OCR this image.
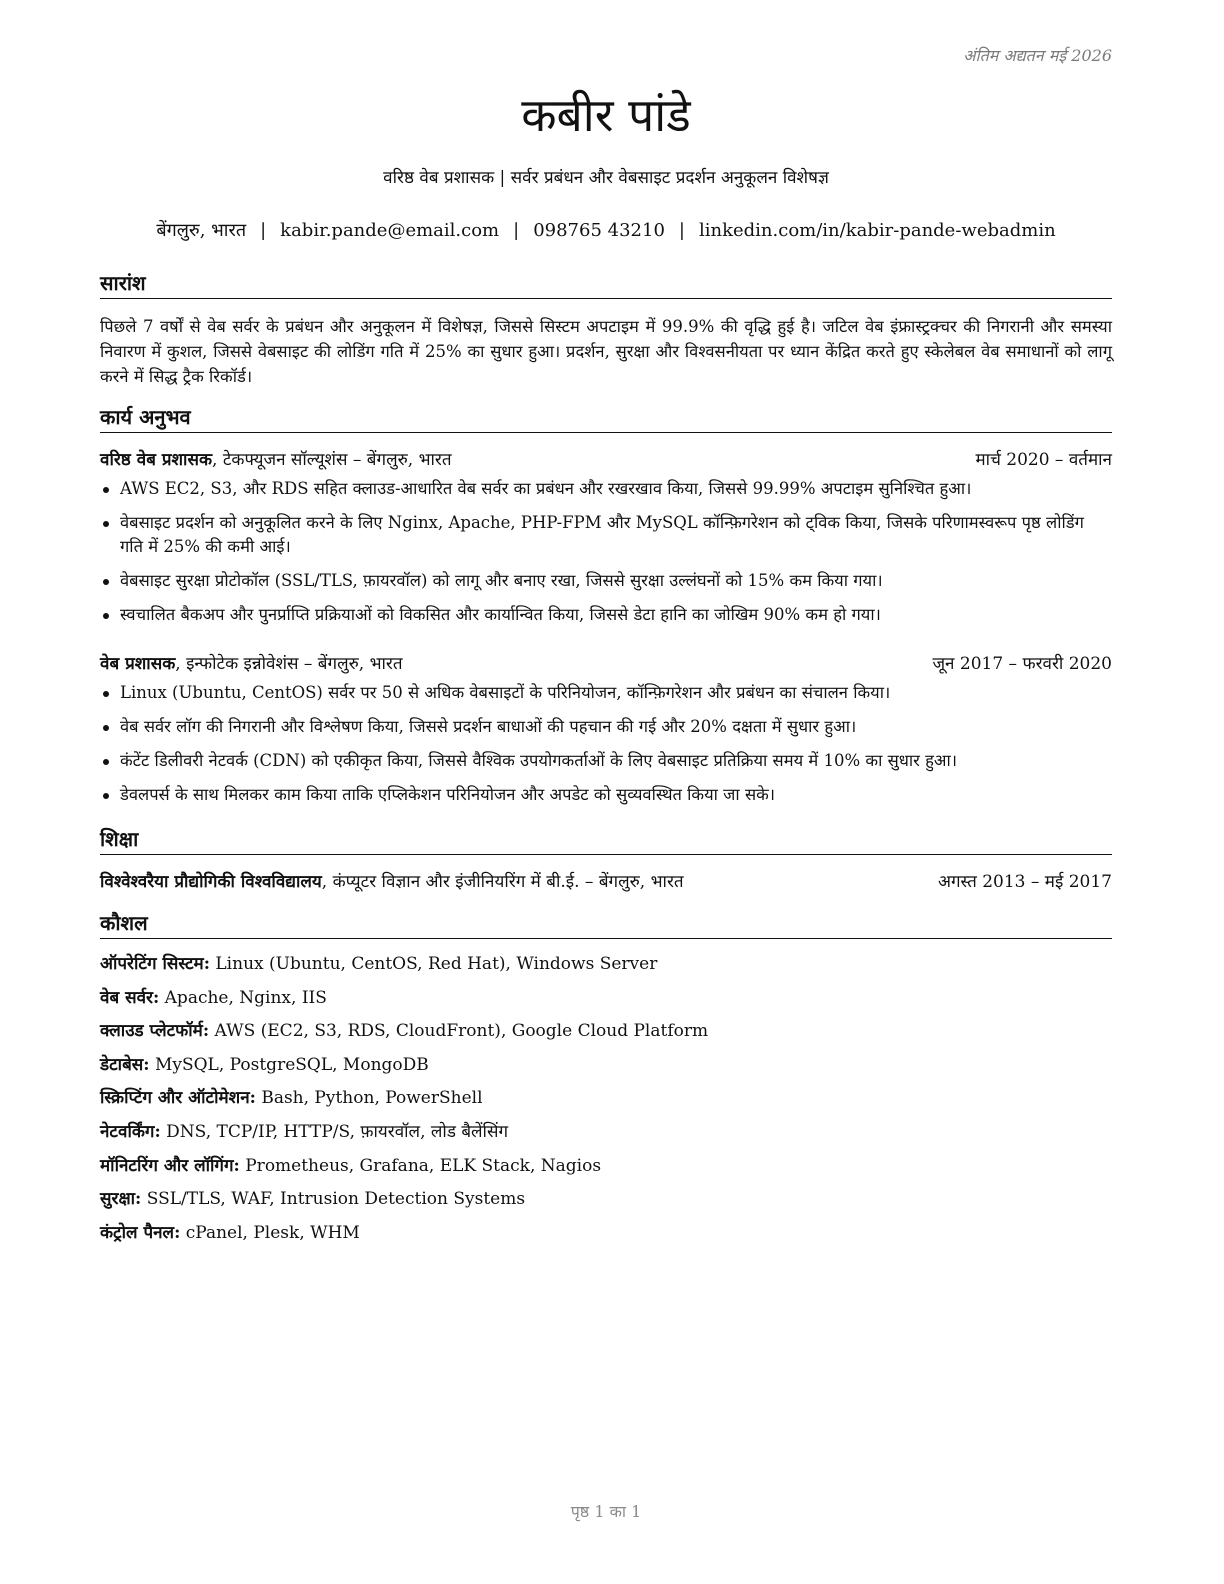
अंतिम अद्यतन मई 2026
कबीर पांडे
वरिष्ठ वेब प्रशासक | सर्वर प्रबंधन और वेबसाइट प्रदर्शन अनुकूलन विशेषज्ञ
बेंगलुरु, भारत | kabir.pande@email.com | 098765 43210 | linkedin.com/in/kabir-pande-webadmin
सारांश
पिछले 7 वर्षों से वेब सर्वर के प्रबंधन और अनुकूलन में विशेषज्ञ, जिससे सिस्टम अपटाइम में 99.9% की वृद्धि हुई है। जटिल वेब इंफ्रास्ट्रक्चर की निगरानी और समस्या निवारण में कुशल, जिससे वेबसाइट की लोडिंग गति में 25% का सुधार हुआ। प्रदर्शन, सुरक्षा और विश्वसनीयता पर ध्यान केंद्रित करते हुए स्केलेबल वेब समाधानों को लागू करने में सिद्ध ट्रैक रिकॉर्ड।
कार्य अनुभव
वरिष्ठ वेब प्रशासक, टेकफ्यूजन सॉल्यूशंस – बेंगलुरु, भारत	मार्च 2020 – वर्तमान
AWS EC2, S3, और RDS सहित क्लाउड-आधारित वेब सर्वर का प्रबंधन और रखरखाव किया, जिससे 99.99% अपटाइम सुनिश्चित हुआ।
वेबसाइट प्रदर्शन को अनुकूलित करने के लिए Nginx, Apache, PHP-FPM और MySQL कॉन्फ़िगरेशन को ट्विक किया, जिसके परिणामस्वरूप पृष्ठ लोडिंग गति में 25% की कमी आई।
वेबसाइट सुरक्षा प्रोटोकॉल (SSL/TLS, फ़ायरवॉल) को लागू और बनाए रखा, जिससे सुरक्षा उल्लंघनों को 15% कम किया गया।
स्वचालित बैकअप और पुनर्प्राप्ति प्रक्रियाओं को विकसित और कार्यान्वित किया, जिससे डेटा हानि का जोखिम 90% कम हो गया।
वेब प्रशासक, इन्फोटेक इन्नोवेशंस – बेंगलुरु, भारत	जून 2017 – फरवरी 2020
Linux (Ubuntu, CentOS) सर्वर पर 50 से अधिक वेबसाइटों के परिनियोजन, कॉन्फ़िगरेशन और प्रबंधन का संचालन किया।
वेब सर्वर लॉग की निगरानी और विश्लेषण किया, जिससे प्रदर्शन बाधाओं की पहचान की गई और 20% दक्षता में सुधार हुआ।
कंटेंट डिलीवरी नेटवर्क (CDN) को एकीकृत किया, जिससे वैश्विक उपयोगकर्ताओं के लिए वेबसाइट प्रतिक्रिया समय में 10% का सुधार हुआ।
डेवलपर्स के साथ मिलकर काम किया ताकि एप्लिकेशन परिनियोजन और अपडेट को सुव्यवस्थित किया जा सके।
शिक्षा
विश्वेश्वरैया प्रौद्योगिकी विश्वविद्यालय, कंप्यूटर विज्ञान और इंजीनियरिंग में बी.ई. – बेंगलुरु, भारत	अगस्त 2013 – मई 2017
कौशल
ऑपरेटिंग सिस्टम: Linux (Ubuntu, CentOS, Red Hat), Windows Server
वेब सर्वर: Apache, Nginx, IIS
क्लाउड प्लेटफॉर्म: AWS (EC2, S3, RDS, CloudFront), Google Cloud Platform
डेटाबेस: MySQL, PostgreSQL, MongoDB
स्क्रिप्टिंग और ऑटोमेशन: Bash, Python, PowerShell
नेटवर्किंग: DNS, TCP/IP, HTTP/S, फ़ायरवॉल, लोड बैलेंसिंग
मॉनिटरिंग और लॉगिंग: Prometheus, Grafana, ELK Stack, Nagios
सुरक्षा: SSL/TLS, WAF, Intrusion Detection Systems
कंट्रोल पैनल: cPanel, Plesk, WHM
पृष्ठ 1 का 1
